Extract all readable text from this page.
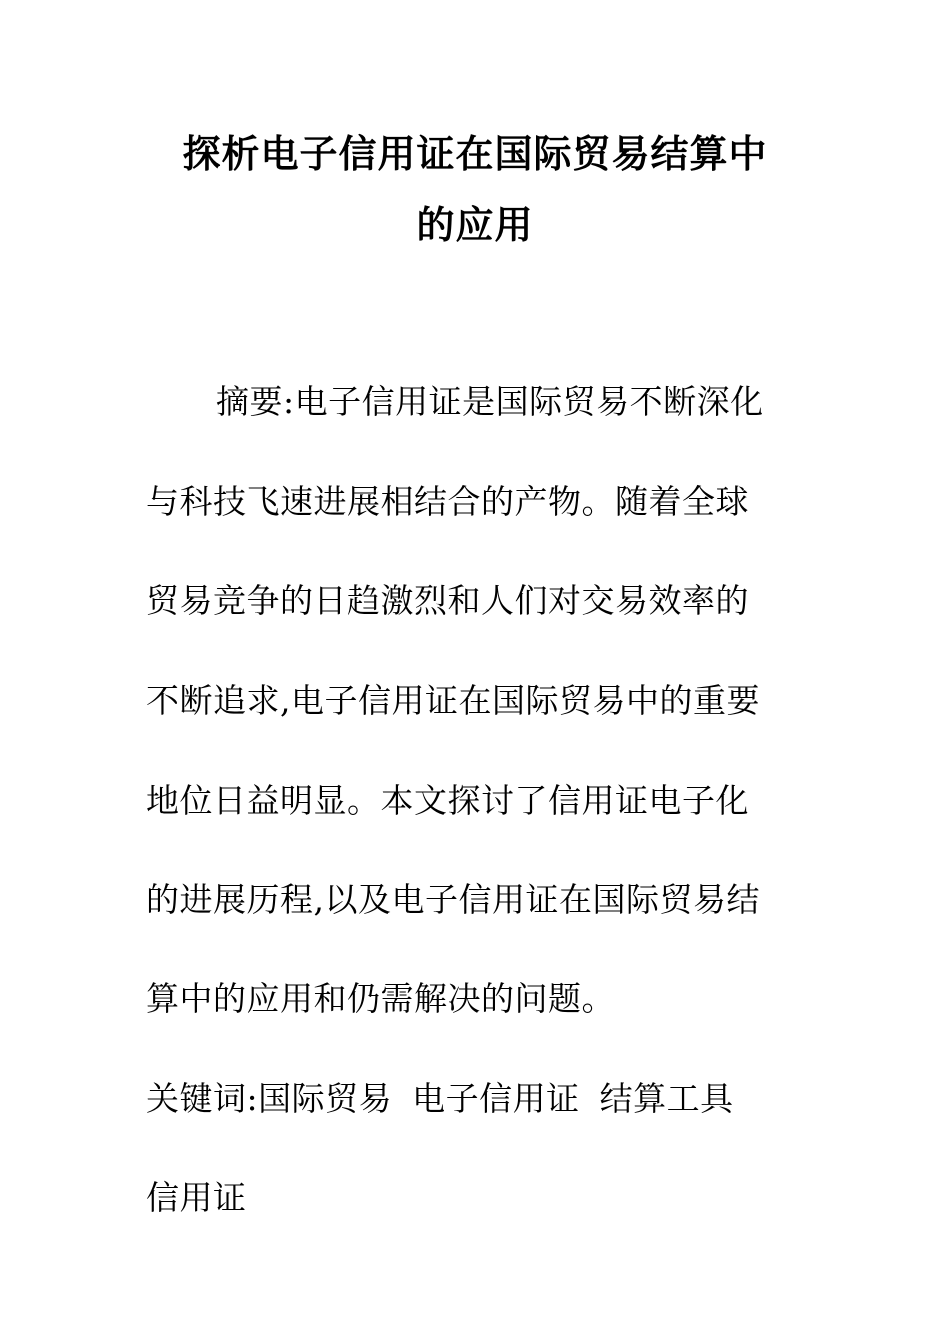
探析电子信用证在国际贸易结算中
的应用
摘要:电子信用证是国际贸易不断深化
与科技飞速进展相结合的产物。随着全球
贸易竞争的日趋激烈和人们对交易效率的
不断追求,电子信用证在国际贸易中的重要
地位日益明显。本文探讨了信用证电子化
的进展历程,以及电子信用证在国际贸易结
算中的应用和仍需解决的问题。
关键词:国际贸易 电子信用证 结算工具
信用证
